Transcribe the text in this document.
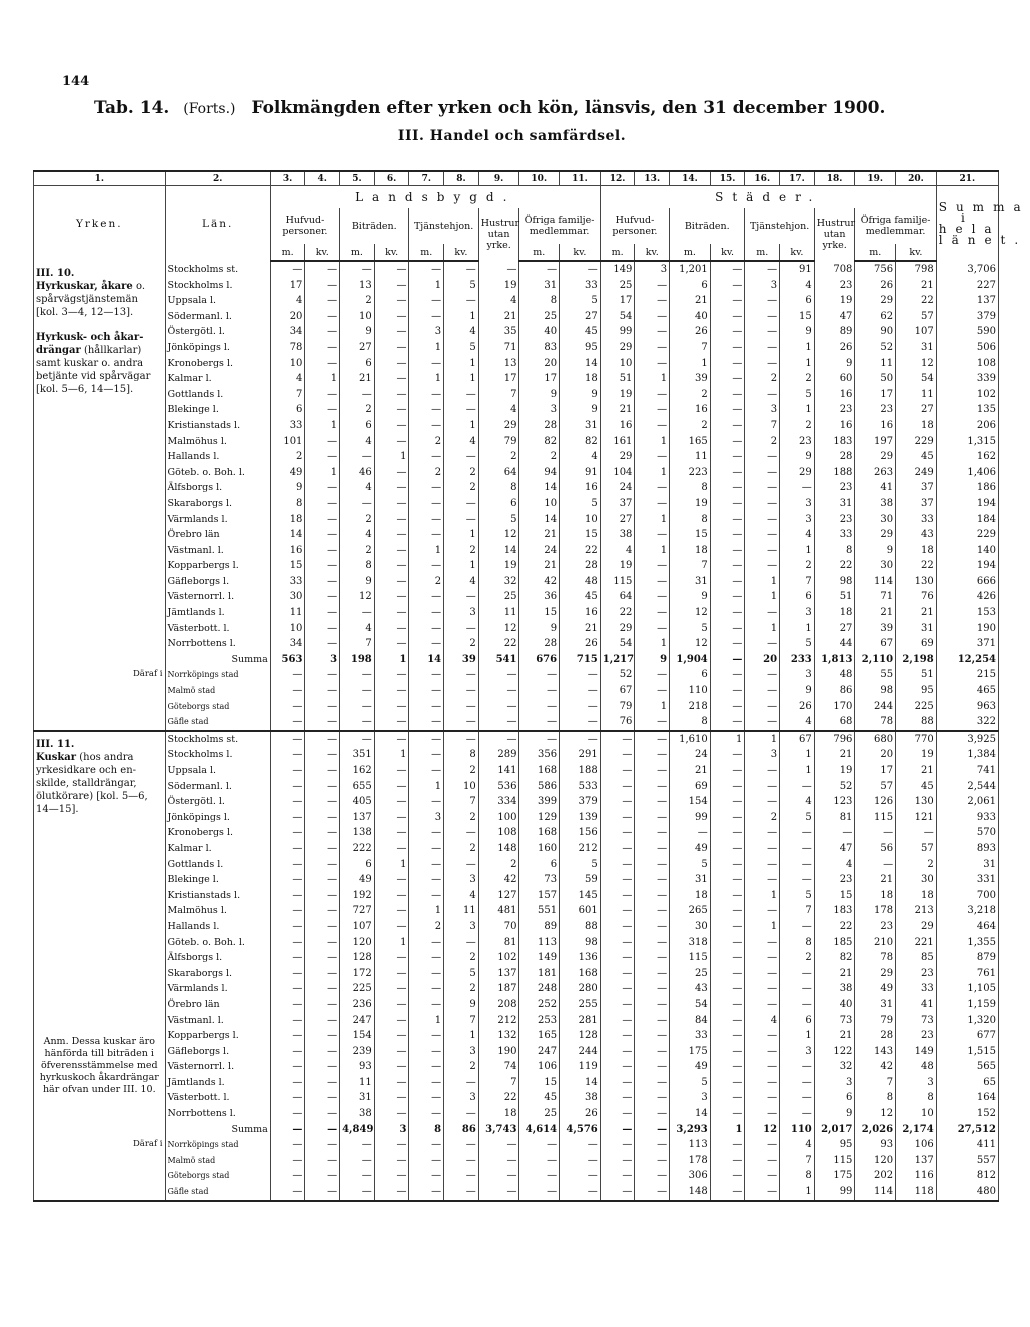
144
Tab. 14. (Forts.) Folkmängden efter yrken och kön, länsvis, den 31 december 1900.
III. Handel och samfärdsel.
1.	2.	3.	4.	5.	6.	7.	8.	9.	10.	11.	12.	13.	14.	15.	16.	17.	18.	19.	20.	21.
Yrken.	Län.	Landsbygd.									Städer.									Summa i hela länet.
		Hufvudpersoner.		Biträden.		Tjänstehjon.		Hustrur utan yrke.	Öfriga familjemedlemmar.		Hufvudpersoner.		Biträden.		Tjänstehjon.		Hustrur utan yrke.	Öfriga familjemedlemmar.		
		m.	kv.	m.	kv.	m.	kv.		m.	kv.	m.	kv.	m.	kv.	m.	kv.		m.	kv.	

III. 10.
Hyrkuskar, åkare o. spårvägstjänstemän [kol. 3—4, 12—13].
Hyrkusk- och åkardrängar (hållkarlar) samt kuskar o. andra betjänte vid spårvägar [kol. 5—6, 14—15].	Stockholms st.	—	—	—	—	—	—	—	—	—	149	3	1,201	—	—	91	708	756	798	3,706
	Stockholms l.	17	—	13	—	1	5	19	31	33	25	—	6	—	3	4	23	26	21	227
	Uppsala l.	4	—	2	—	—	—	4	8	5	17	—	21	—	—	6	19	29	22	137
	Södermanl. l.	20	—	10	—	—	1	21	25	27	54	—	40	—	—	15	47	62	57	379
	Östergötl. l.	34	—	9	—	3	4	35	40	45	99	—	26	—	—	9	89	90	107	590
	Jönköpings l.	78	—	27	—	1	5	71	83	95	29	—	7	—	—	1	26	52	31	506
	Kronobergs l.	10	—	6	—	—	1	13	20	14	10	—	1	—	—	1	9	11	12	108
	Kalmar l.	4	1	21	—	1	1	17	17	18	51	1	39	—	2	2	60	50	54	339
	Gottlands l.	7	—	—	—	—	—	7	9	9	19	—	2	—	—	5	16	17	11	102
	Blekinge l.	6	—	2	—	—	—	4	3	9	21	—	16	—	3	1	23	23	27	135
	Kristianstads l.	33	1	6	—	—	1	29	28	31	16	—	2	—	7	2	16	16	18	206
	Malmöhus l.	101	—	4	—	2	4	79	82	82	161	1	165	—	2	23	183	197	229	1,315
	Hallands l.	2	—	—	1	—	—	2	2	4	29	—	11	—	—	9	28	29	45	162
	Göteb. o. Boh. l.	49	1	46	—	2	2	64	94	91	104	1	223	—	—	29	188	263	249	1,406
	Älfsborgs l.	9	—	4	—	—	2	8	14	16	24	—	8	—	—	—	23	41	37	186
	Skaraborgs l.	8	—	—	—	—	—	6	10	5	37	—	19	—	—	3	31	38	37	194
	Värmlands l.	18	—	2	—	—	—	5	14	10	27	1	8	—	—	3	23	30	33	184
	Örebro län	14	—	4	—	—	1	12	21	15	38	—	15	—	—	4	33	29	43	229
	Västmanl. l.	16	—	2	—	1	2	14	24	22	4	1	18	—	—	1	8	9	18	140
	Kopparbergs l.	15	—	8	—	—	1	19	21	28	19	—	7	—	—	2	22	30	22	194
	Gäfleborgs l.	33	—	9	—	2	4	32	42	48	115	—	31	—	1	7	98	114	130	666
	Västernorrl. l.	30	—	12	—	—	—	25	36	45	64	—	9	—	1	6	51	71	76	426
	Jämtlands l.	11	—	—	—	—	3	11	15	16	22	—	12	—	—	3	18	21	21	153
	Västerbott. l.	10	—	4	—	—	—	12	9	21	29	—	5	—	1	1	27	39	31	190
	Norrbottens l.	34	—	7	—	—	2	22	28	26	54	1	12	—	—	5	44	67	69	371
	Summa	563	3	198	1	14	39	541	676	715	1,217	9	1,904	—	20	233	1,813	2,110	2,198	12,254
Däraf i	Norrköpings stad	—	—	—	—	—	—	—	—	—	52	—	6	—	—	3	48	55	51	215
	Malmö stad	—	—	—	—	—	—	—	—	—	67	—	110	—	—	9	86	98	95	465
	Göteborgs stad	—	—	—	—	—	—	—	—	—	79	1	218	—	—	26	170	244	225	963
	Gäfle stad	—	—	—	—	—	—	—	—	—	76	—	8	—	—	4	68	78	88	322

III. 11.
Kuskar (hos andra yrkesidkare och enskilde, stalldrängar, ölutkörare) [kol. 5—6, 14—15].
Anm. Dessa kuskar äro hänförda till biträden i öfverensstämmelse med hyrkuskoch åkardrängar här ofvan under III. 10.	Stockholms st.	—	—	—	—	—	—	—	—	—	—	—	1,610	1	1	67	796	680	770	3,925
	Stockholms l.	—	—	351	1	—	8	289	356	291	—	—	24	—	3	1	21	20	19	1,384
	Uppsala l.	—	—	162	—	—	2	141	168	188	—	—	21	—	—	1	19	17	21	741
	Södermanl. l.	—	—	655	—	1	10	536	586	533	—	—	69	—	—	—	52	57	45	2,544
	Östergötl. l.	—	—	405	—	—	7	334	399	379	—	—	154	—	—	4	123	126	130	2,061
	Jönköpings l.	—	—	137	—	3	2	100	129	139	—	—	99	—	2	5	81	115	121	933
	Kronobergs l.	—	—	138	—	—	—	108	168	156	—	—	—	—	—	—	—	—	—	570
	Kalmar l.	—	—	222	—	—	2	148	160	212	—	—	49	—	—	—	47	56	57	893
	Gottlands l.	—	—	6	1	—	—	2	6	5	—	—	5	—	—	—	4	—	2	31
	Blekinge l.	—	—	49	—	—	3	42	73	59	—	—	31	—	—	—	23	21	30	331
	Kristianstads l.	—	—	192	—	—	4	127	157	145	—	—	18	—	1	5	15	18	18	700
	Malmöhus l.	—	—	727	—	1	11	481	551	601	—	—	265	—	—	7	183	178	213	3,218
	Hallands l.	—	—	107	—	2	3	70	89	88	—	—	30	—	1	—	22	23	29	464
	Göteb. o. Boh. l.	—	—	120	1	—	—	81	113	98	—	—	318	—	—	8	185	210	221	1,355
	Älfsborgs l.	—	—	128	—	—	2	102	149	136	—	—	115	—	—	2	82	78	85	879
	Skaraborgs l.	—	—	172	—	—	5	137	181	168	—	—	25	—	—	—	21	29	23	761
	Värmlands l.	—	—	225	—	—	2	187	248	280	—	—	43	—	—	—	38	49	33	1,105
	Örebro län	—	—	236	—	—	9	208	252	255	—	—	54	—	—	—	40	31	41	1,159
	Västmanl. l.	—	—	247	—	1	7	212	253	281	—	—	84	—	4	6	73	79	73	1,320
	Kopparbergs l.	—	—	154	—	—	1	132	165	128	—	—	33	—	—	1	21	28	23	677
	Gäfleborgs l.	—	—	239	—	—	3	190	247	244	—	—	175	—	—	3	122	143	149	1,515
	Västernorrl. l.	—	—	93	—	—	2	74	106	119	—	—	49	—	—	—	32	42	48	565
	Jämtlands l.	—	—	11	—	—	—	7	15	14	—	—	5	—	—	—	3	7	3	65
	Västerbott. l.	—	—	31	—	—	3	22	45	38	—	—	3	—	—	—	6	8	8	164
	Norrbottens l.	—	—	38	—	—	—	18	25	26	—	—	14	—	—	—	9	12	10	152
	Summa	—	—	4,849	3	8	86	3,743	4,614	4,576	—	—	3,293	1	12	110	2,017	2,026	2,174	27,512
Däraf i	Norrköpings stad	—	—	—	—	—	—	—	—	—	—	—	113	—	—	4	95	93	106	411
	Malmö stad	—	—	—	—	—	—	—	—	—	—	—	178	—	—	7	115	120	137	557
	Göteborgs stad	—	—	—	—	—	—	—	—	—	—	—	306	—	—	8	175	202	116	812
	Gäfle stad	—	—	—	—	—	—	—	—	—	—	—	148	—	—	1	99	114	118	480
